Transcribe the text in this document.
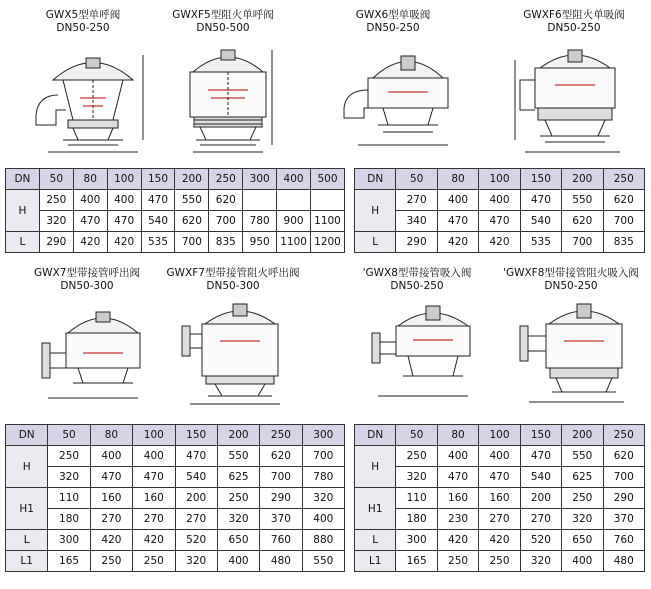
GWX5型单呼阀
DN50-250
GWXF5型阻火单呼阀
DN50-500
GWX6型单吸阀
DN50-250
GWXF6型阻火单吸阀
DN50-250
GWX7型带接管呼出阀
DN50-300
GWXF7型带接管阻火呼出阀
DN50-300
'GWX8型带接管吸入阀
DN50-250
'GWXF8型带接管阻火吸入阀
DN50-250
DN	50	80	100	150	200	250	300	400	500
H	250	400	400	470	550	620			
	320	470	470	540	620	700	780	900	1100
L	290	420	420	535	700	835	950	1100	1200
DN	50	80	100	150	200	250
H	270	400	400	470	550	620
	340	470	470	540	620	700
L	290	420	420	535	700	835
DN	50	80	100	150	200	250	300
H	250	400	400	470	550	620	700
	320	470	470	540	625	700	780
H1	110	160	160	200	250	290	320
	180	270	270	270	320	370	400
L	300	420	420	520	650	760	880
L1	165	250	250	320	400	480	550
DN	50	80	100	150	200	250
H	250	400	400	470	550	620
	320	470	470	540	625	700
H1	110	160	160	200	250	290
	180	230	270	270	320	370
L	300	420	420	520	650	760
L1	165	250	250	320	400	480
